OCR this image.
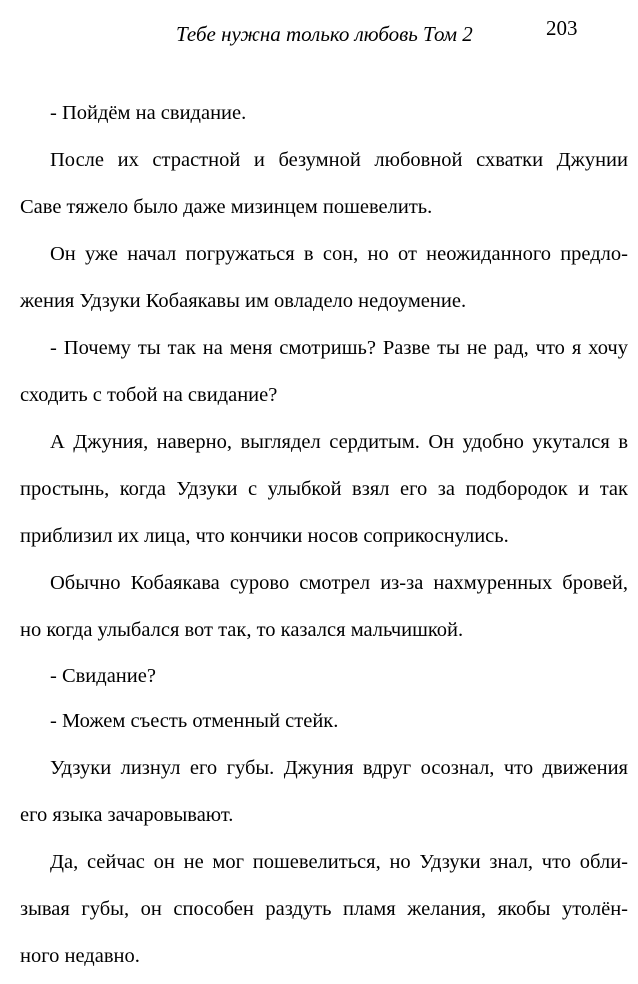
Тебе нужна только любовь Том 2	203
- Пойдём на свидание.
После их страстной и безумной любовной схватки Джунии
Саве тяжело было даже мизинцем пошевелить.
Он уже начал погружаться в сон, но от неожиданного предло-
жения Удзуки Кобаякавы им овладело недоумение.
- Почему ты так на меня смотришь? Разве ты не рад, что я хочу
сходить с тобой на свидание?
А Джуния, наверно, выглядел сердитым. Он удобно укутался в
простынь, когда Удзуки с улыбкой взял его за подбородок и так
приблизил их лица, что кончики носов соприкоснулись.
Обычно Кобаякава сурово смотрел из-за нахмуренных бровей,
но когда улыбался вот так, то казался мальчишкой.
- Свидание?
- Можем съесть отменный стейк.
Удзуки лизнул его губы. Джуния вдруг осознал, что движения
его языка зачаровывают.
Да, сейчас он не мог пошевелиться, но Удзуки знал, что обли-
зывая губы, он способен раздуть пламя желания, якобы утолён-
ного недавно.
